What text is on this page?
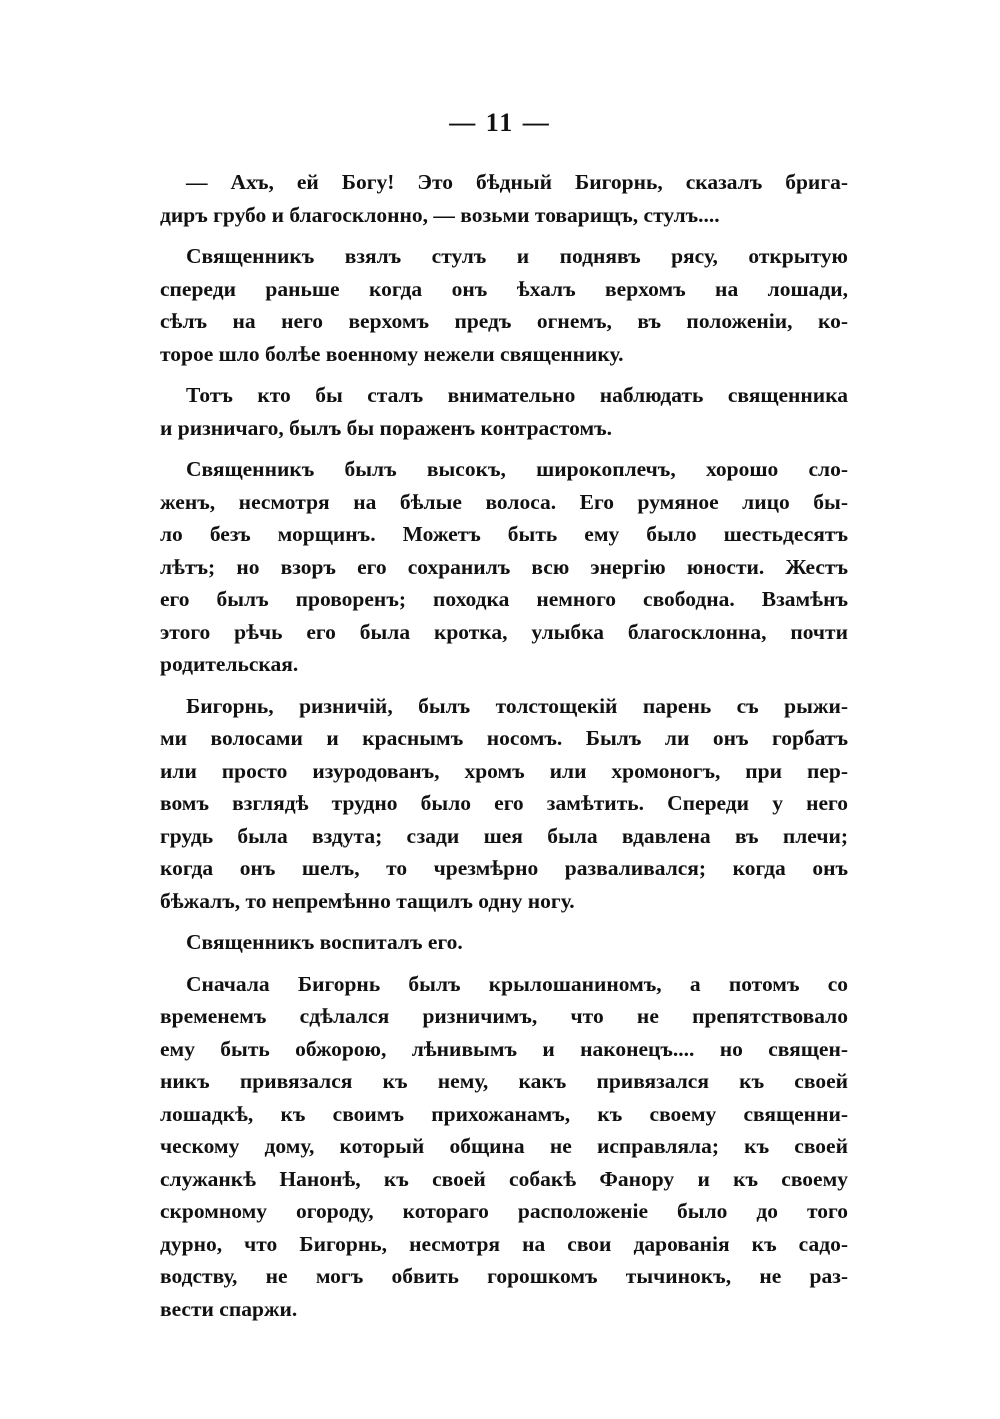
— 11 —
— Ахъ, ей Богу! Это бѣдный Бигорнь, сказалъ брига-
диръ грубо и благосклонно, — возьми товарищъ, стулъ....
Священникъ взялъ стулъ и поднявъ рясу, открытую
спереди раньше когда онъ ѣхалъ верхомъ на лошади,
сѣлъ на него верхомъ предъ огнемъ, въ положеніи, ко-
торое шло болѣе военному нежели священнику.
Тотъ кто бы сталъ внимательно наблюдать священника
и ризничаго, былъ бы пораженъ контрастомъ.
Священникъ былъ высокъ, широкоплечъ, хорошо сло-
женъ, несмотря на бѣлые волоса. Его румяное лицо бы-
ло безъ морщинъ. Можетъ быть ему было шестьдесятъ
лѣтъ; но взоръ его сохранилъ всю энергію юности. Жестъ
его былъ проворенъ; походка немного свободна. Взамѣнъ
этого рѣчь его была кротка, улыбка благосклонна, почти
родительская.
Бигорнь, ризничій, былъ толстощекій парень съ рыжи-
ми волосами и краснымъ носомъ. Былъ ли онъ горбатъ
или просто изуродованъ, хромъ или хромоногъ, при пер-
вомъ взглядѣ трудно было его замѣтить. Спереди у него
грудь была вздута; сзади шея была вдавлена въ плечи;
когда онъ шелъ, то чрезмѣрно разваливался; когда онъ
бѣжалъ, то непремѣнно тащилъ одну ногу.
Священникъ воспиталъ его.
Сначала Бигорнь былъ крылошаниномъ, а потомъ со
временемъ сдѣлался ризничимъ, что не препятствовало
ему быть обжорою, лѣнивымъ и наконецъ.... но священ-
никъ привязался къ нему, какъ привязался къ своей
лошадкѣ, къ своимъ прихожанамъ, къ своему священни-
ческому дому, который община не исправляла; къ своей
служанкѣ Нанонѣ, къ своей собакѣ Фанору и къ своему
скромному огороду, котораго расположеніе было до того
дурно, что Бигорнь, несмотря на свои дарованія къ садо-
водству, не могъ обвить горошкомъ тычинокъ, не раз-
вести спаржи.
